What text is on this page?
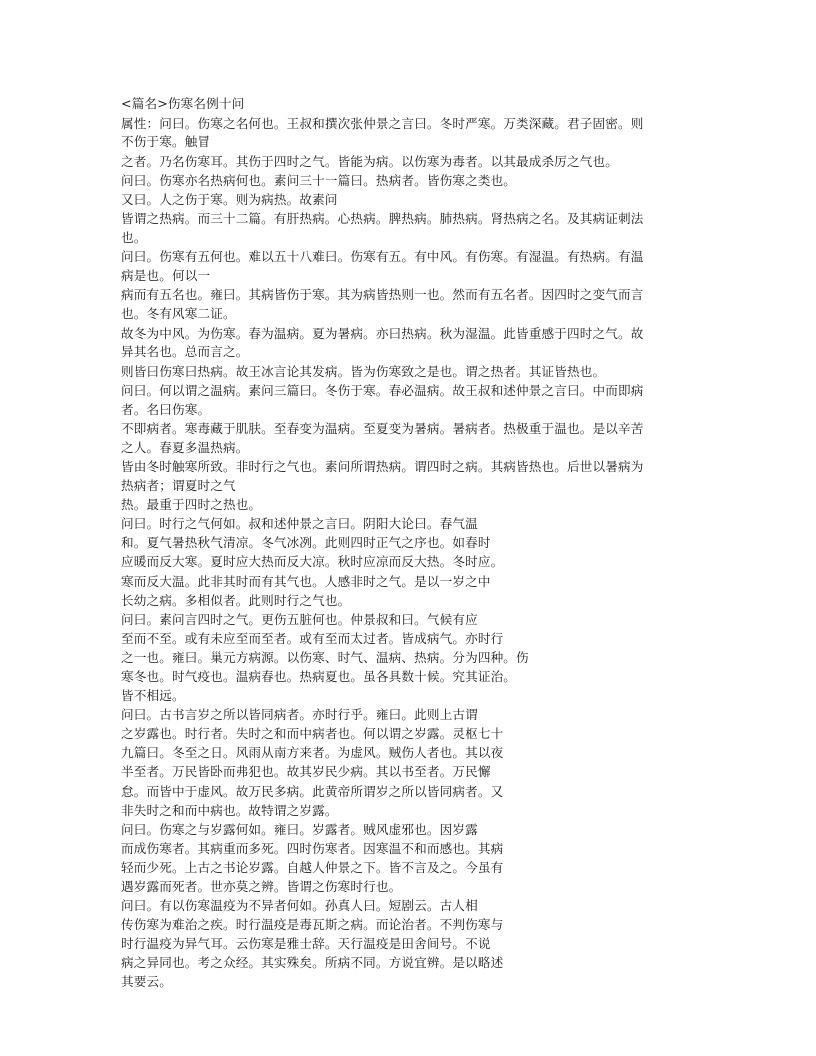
<篇名>伤寒名例十问
属性：问曰。伤寒之名何也。王叔和撰次张仲景之言曰。冬时严寒。万类深藏。君子固密。则
不伤于寒。触冒
之者。乃名伤寒耳。其伤于四时之气。皆能为病。以伤寒为毒者。以其最成杀厉之气也。
问曰。伤寒亦名热病何也。素问三十一篇曰。热病者。皆伤寒之类也。
又曰。人之伤于寒。则为病热。故素问
皆谓之热病。而三十二篇。有肝热病。心热病。脾热病。肺热病。肾热病之名。及其病证刺法
也。
问曰。伤寒有五何也。难以五十八难曰。伤寒有五。有中风。有伤寒。有湿温。有热病。有温
病是也。何以一
病而有五名也。雍曰。其病皆伤于寒。其为病皆热则一也。然而有五名者。因四时之变气而言
也。冬有风寒二证。
故冬为中风。为伤寒。春为温病。夏为暑病。亦曰热病。秋为湿温。此皆重感于四时之气。故
异其名也。总而言之。
则皆曰伤寒曰热病。故王冰言论其发病。皆为伤寒致之是也。谓之热者。其证皆热也。
问曰。何以谓之温病。素问三篇曰。冬伤于寒。春必温病。故王叔和述仲景之言曰。中而即病
者。名曰伤寒。
不即病者。寒毒藏于肌肤。至春变为温病。至夏变为暑病。暑病者。热极重于温也。是以辛苦
之人。春夏多温热病。
皆由冬时触寒所致。非时行之气也。素问所谓热病。谓四时之病。其病皆热也。后世以暑病为
热病者；谓夏时之气
热。最重于四时之热也。
问曰。时行之气何如。叔和述仲景之言曰。阴阳大论曰。春气温
和。夏气暑热秋气清凉。冬气冰冽。此则四时正气之序也。如春时
应暖而反大寒。夏时应大热而反大凉。秋时应凉而反大热。冬时应。
寒而反大温。此非其时而有其气也。人感非时之气。是以一岁之中
长幼之病。多相似者。此则时行之气也。
问曰。素问言四时之气。更伤五脏何也。仲景叔和曰。气候有应
至而不至。或有未应至而至者。或有至而太过者。皆成病气。亦时行
之一也。雍曰。巢元方病源。以伤寒、时气、温病、热病。分为四种。伤
寒冬也。时气疫也。温病春也。热病夏也。虽各具数十候。究其证治。
皆不相远。
问曰。古书言岁之所以皆同病者。亦时行乎。雍曰。此则上古谓
之岁露也。时行者。失时之和而中病者也。何以谓之岁露。灵枢七十
九篇曰。冬至之日。风雨从南方来者。为虚风。贼伤人者也。其以夜
半至者。万民皆卧而弗犯也。故其岁民少病。其以书至者。万民懈
怠。而皆中于虚风。故万民多病。此黄帝所谓岁之所以皆同病者。又
非失时之和而中病也。故特谓之岁露。
问曰。伤寒之与岁露何如。雍曰。岁露者。贼风虚邪也。因岁露
而成伤寒者。其病重而多死。四时伤寒者。因寒温不和而感也。其病
轻而少死。上古之书论岁露。自越人仲景之下。皆不言及之。今虽有
遇岁露而死者。世亦莫之辨。皆谓之伤寒时行也。
问曰。有以伤寒温疫为不异者何如。孙真人曰。短剧云。古人相
传伤寒为难治之疾。时行温疫是毒瓦斯之病。而论治者。不判伤寒与
时行温疫为异气耳。云伤寒是雅士辞。天行温疫是田舍间号。不说
病之异同也。考之众经。其实殊矣。所病不同。方说宜辨。是以略述
其要云。
